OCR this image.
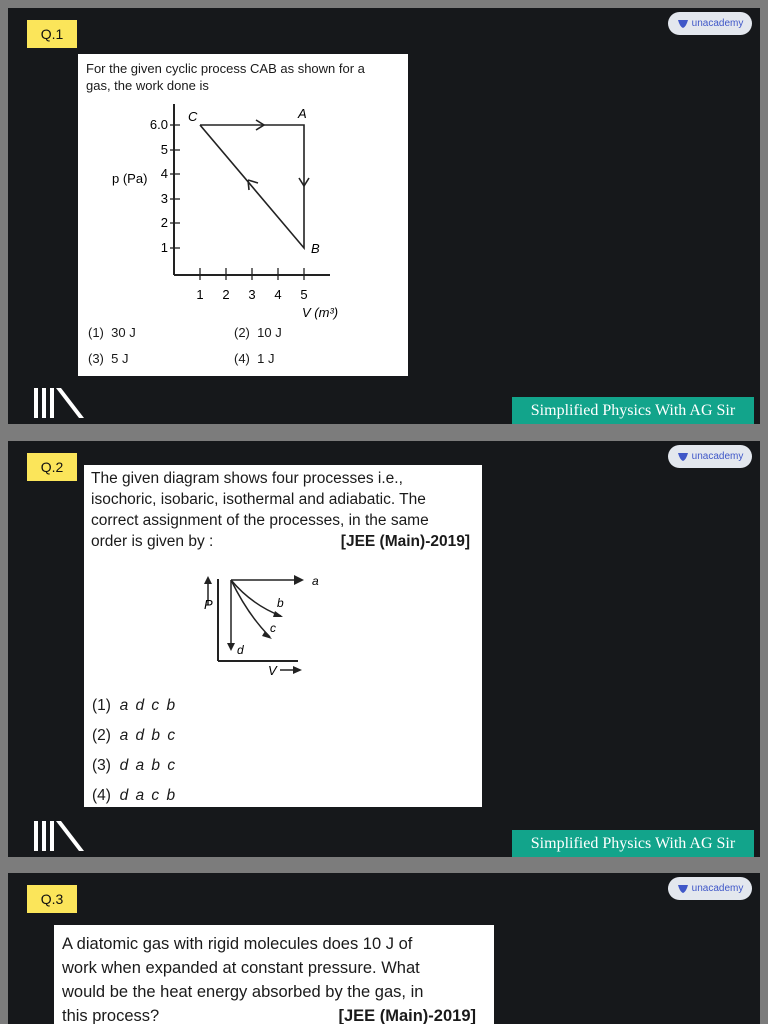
Q.1
unacademy
For the given cyclic process CAB as shown for a
gas, the work done is
6.0
5
4
3
2
1
p (Pa)
1 2 3 4 5
V (m³)
C	A
B
(1) 30 J	(2) 10 J
(3) 5 J	(4) 1 J
Simplified Physics With AG Sir
Q.2
unacademy
The given diagram shows four processes i.e.,
isochoric, isobaric, isothermal and adiabatic. The
correct assignment of the processes, in the same
order is given by :	[JEE (Main)-2019]
P
a
d
b
c
V
(1) a d c b
(2) a d b c
(3) d a b c
(4) d a c b
Simplified Physics With AG Sir
Q.3
unacademy
A diatomic gas with rigid molecules does 10 J of
work when expanded at constant pressure. What
would be the heat energy absorbed by the gas, in
this process?	[JEE (Main)-2019]
